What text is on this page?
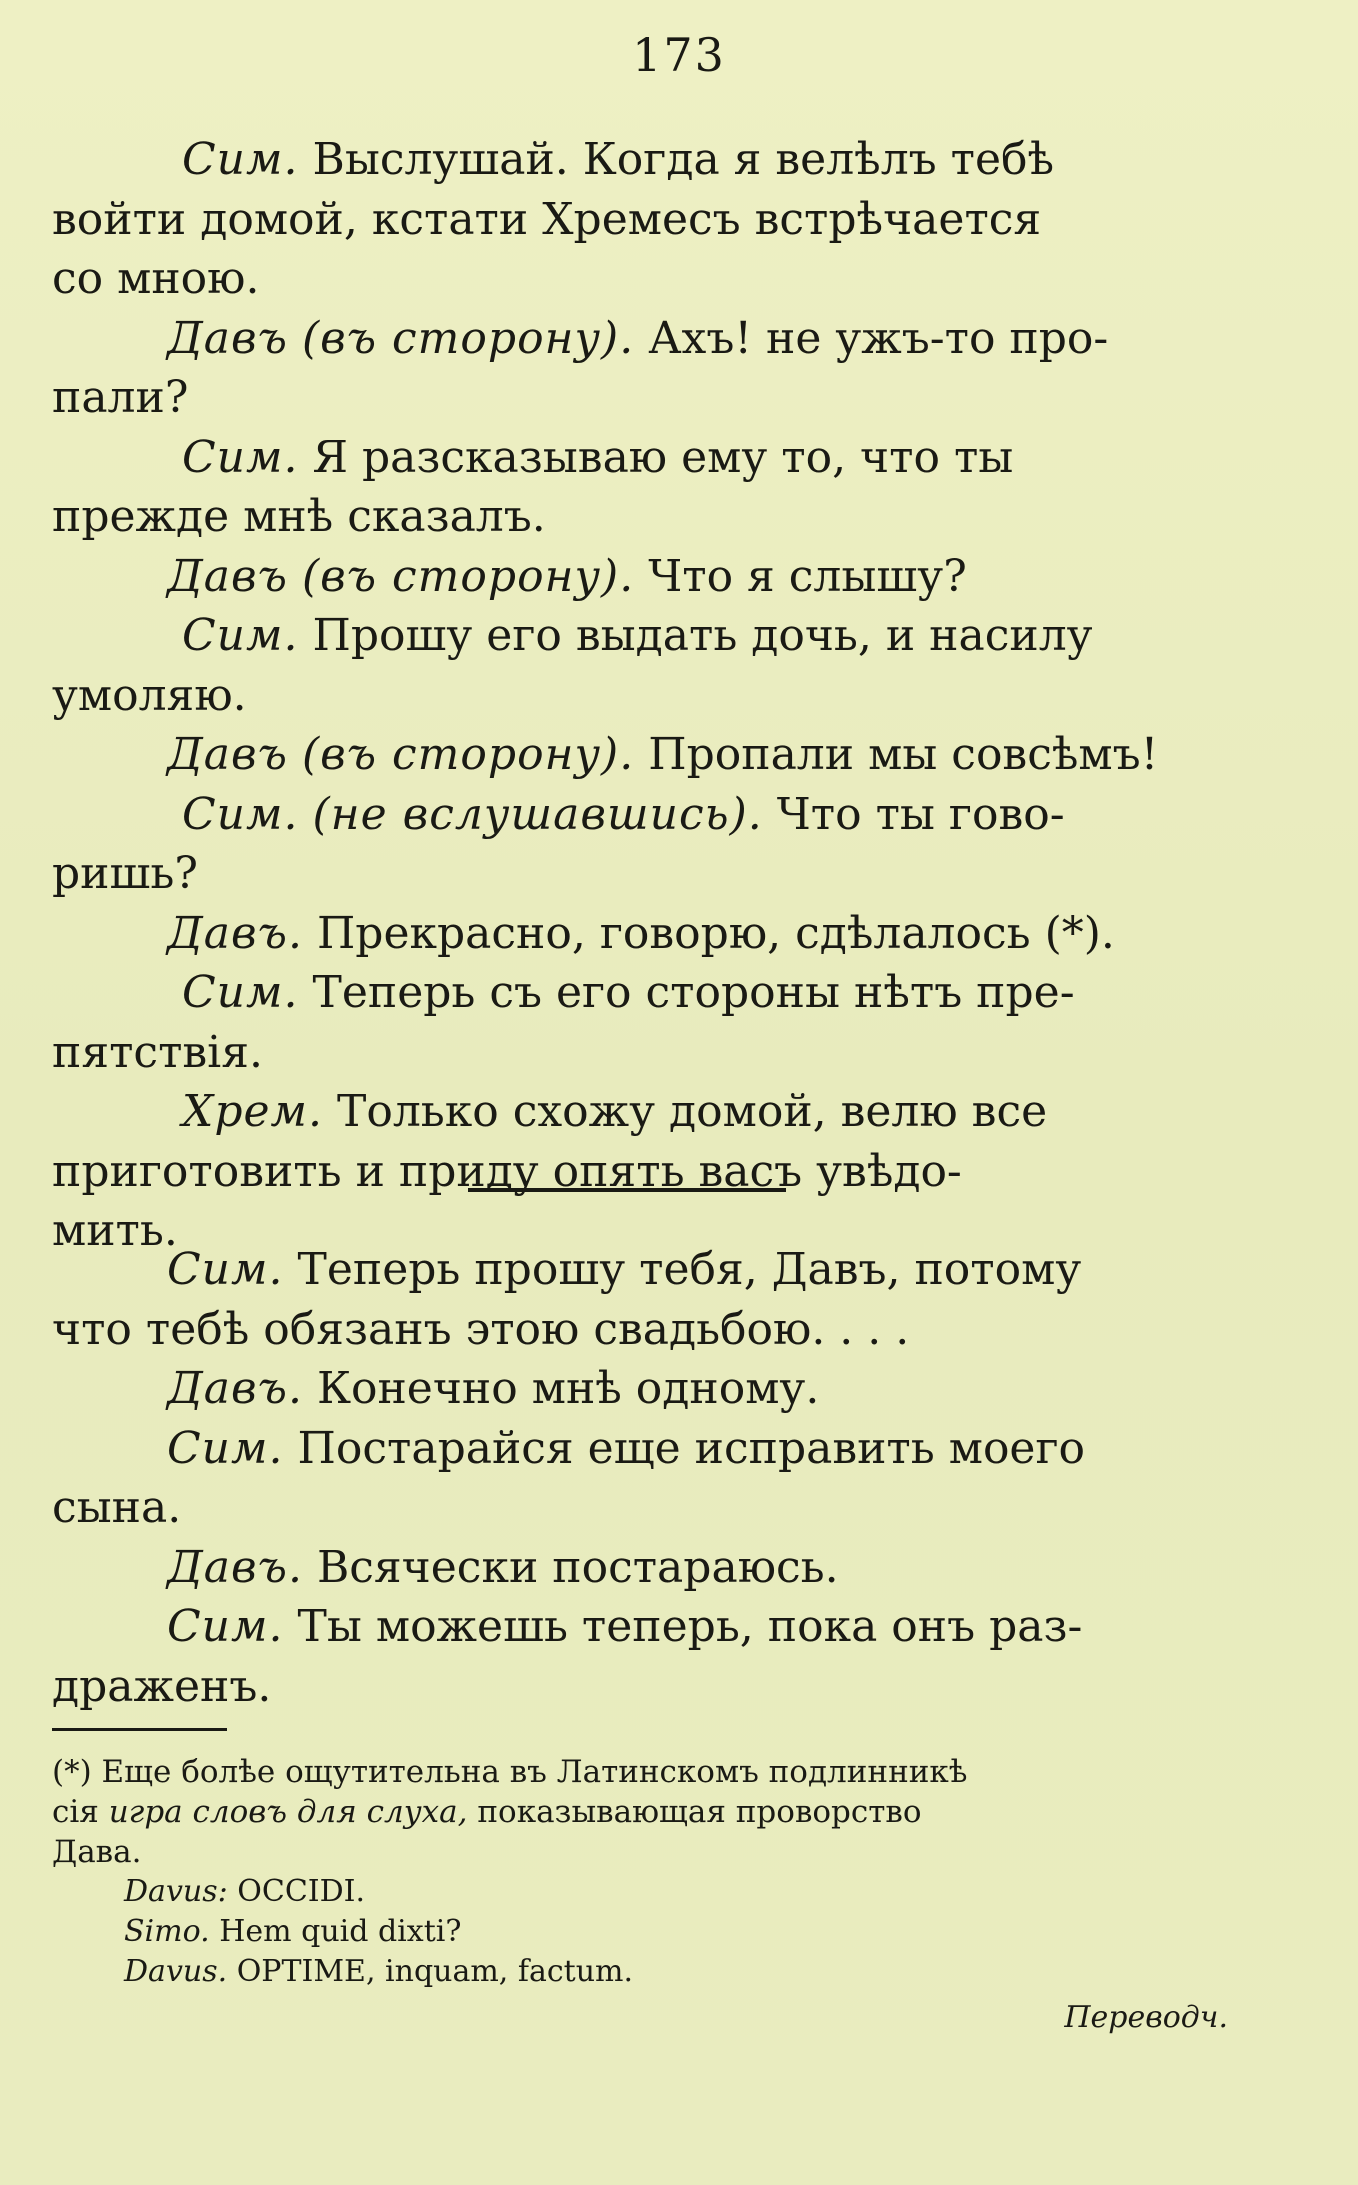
173
Сим. Выслушай. Когда я велѣлъ тебѣ
войти домой, кстати Хремесъ встрѣчается
со мною.
Давъ (въ сторону). Ахъ! не ужъ-то про-
пали?
Сим. Я разсказываю ему то, что ты
прежде мнѣ сказалъ.
Давъ (въ сторону). Что я слышу?
Сим. Прошу его выдать дочь, и насилу
умоляю.
Давъ (въ сторону). Пропали мы совсѣмъ!
Сим. (не вслушавшись). Что ты гово-
ришь?
Давъ. Прекрасно, говорю, сдѣлалось (*).
Сим. Теперь съ его стороны нѣтъ пре-
пятствія.
Хрем. Только схожу домой, велю все
приготовить и приду опять васъ увѣдо-
мить.
Сим. Теперь прошу тебя, Давъ, потому
что тебѣ обязанъ этою свадьбою. . . .
Давъ. Конечно мнѣ одному.
Сим. Постарайся еще исправить моего
сына.
Давъ. Всячески постараюсь.
Сим. Ты можешь теперь, пока онъ раз-
драженъ.
(*) Еще болѣе ощутительна въ Латинскомъ подлинникѣ
сія игра словъ для слуха, показывающая проворство
Дава.
Davus: OCCIDI.
Simo. Hem quid dixti?
Davus. OPTIME, inquam, factum.
Переводч.
